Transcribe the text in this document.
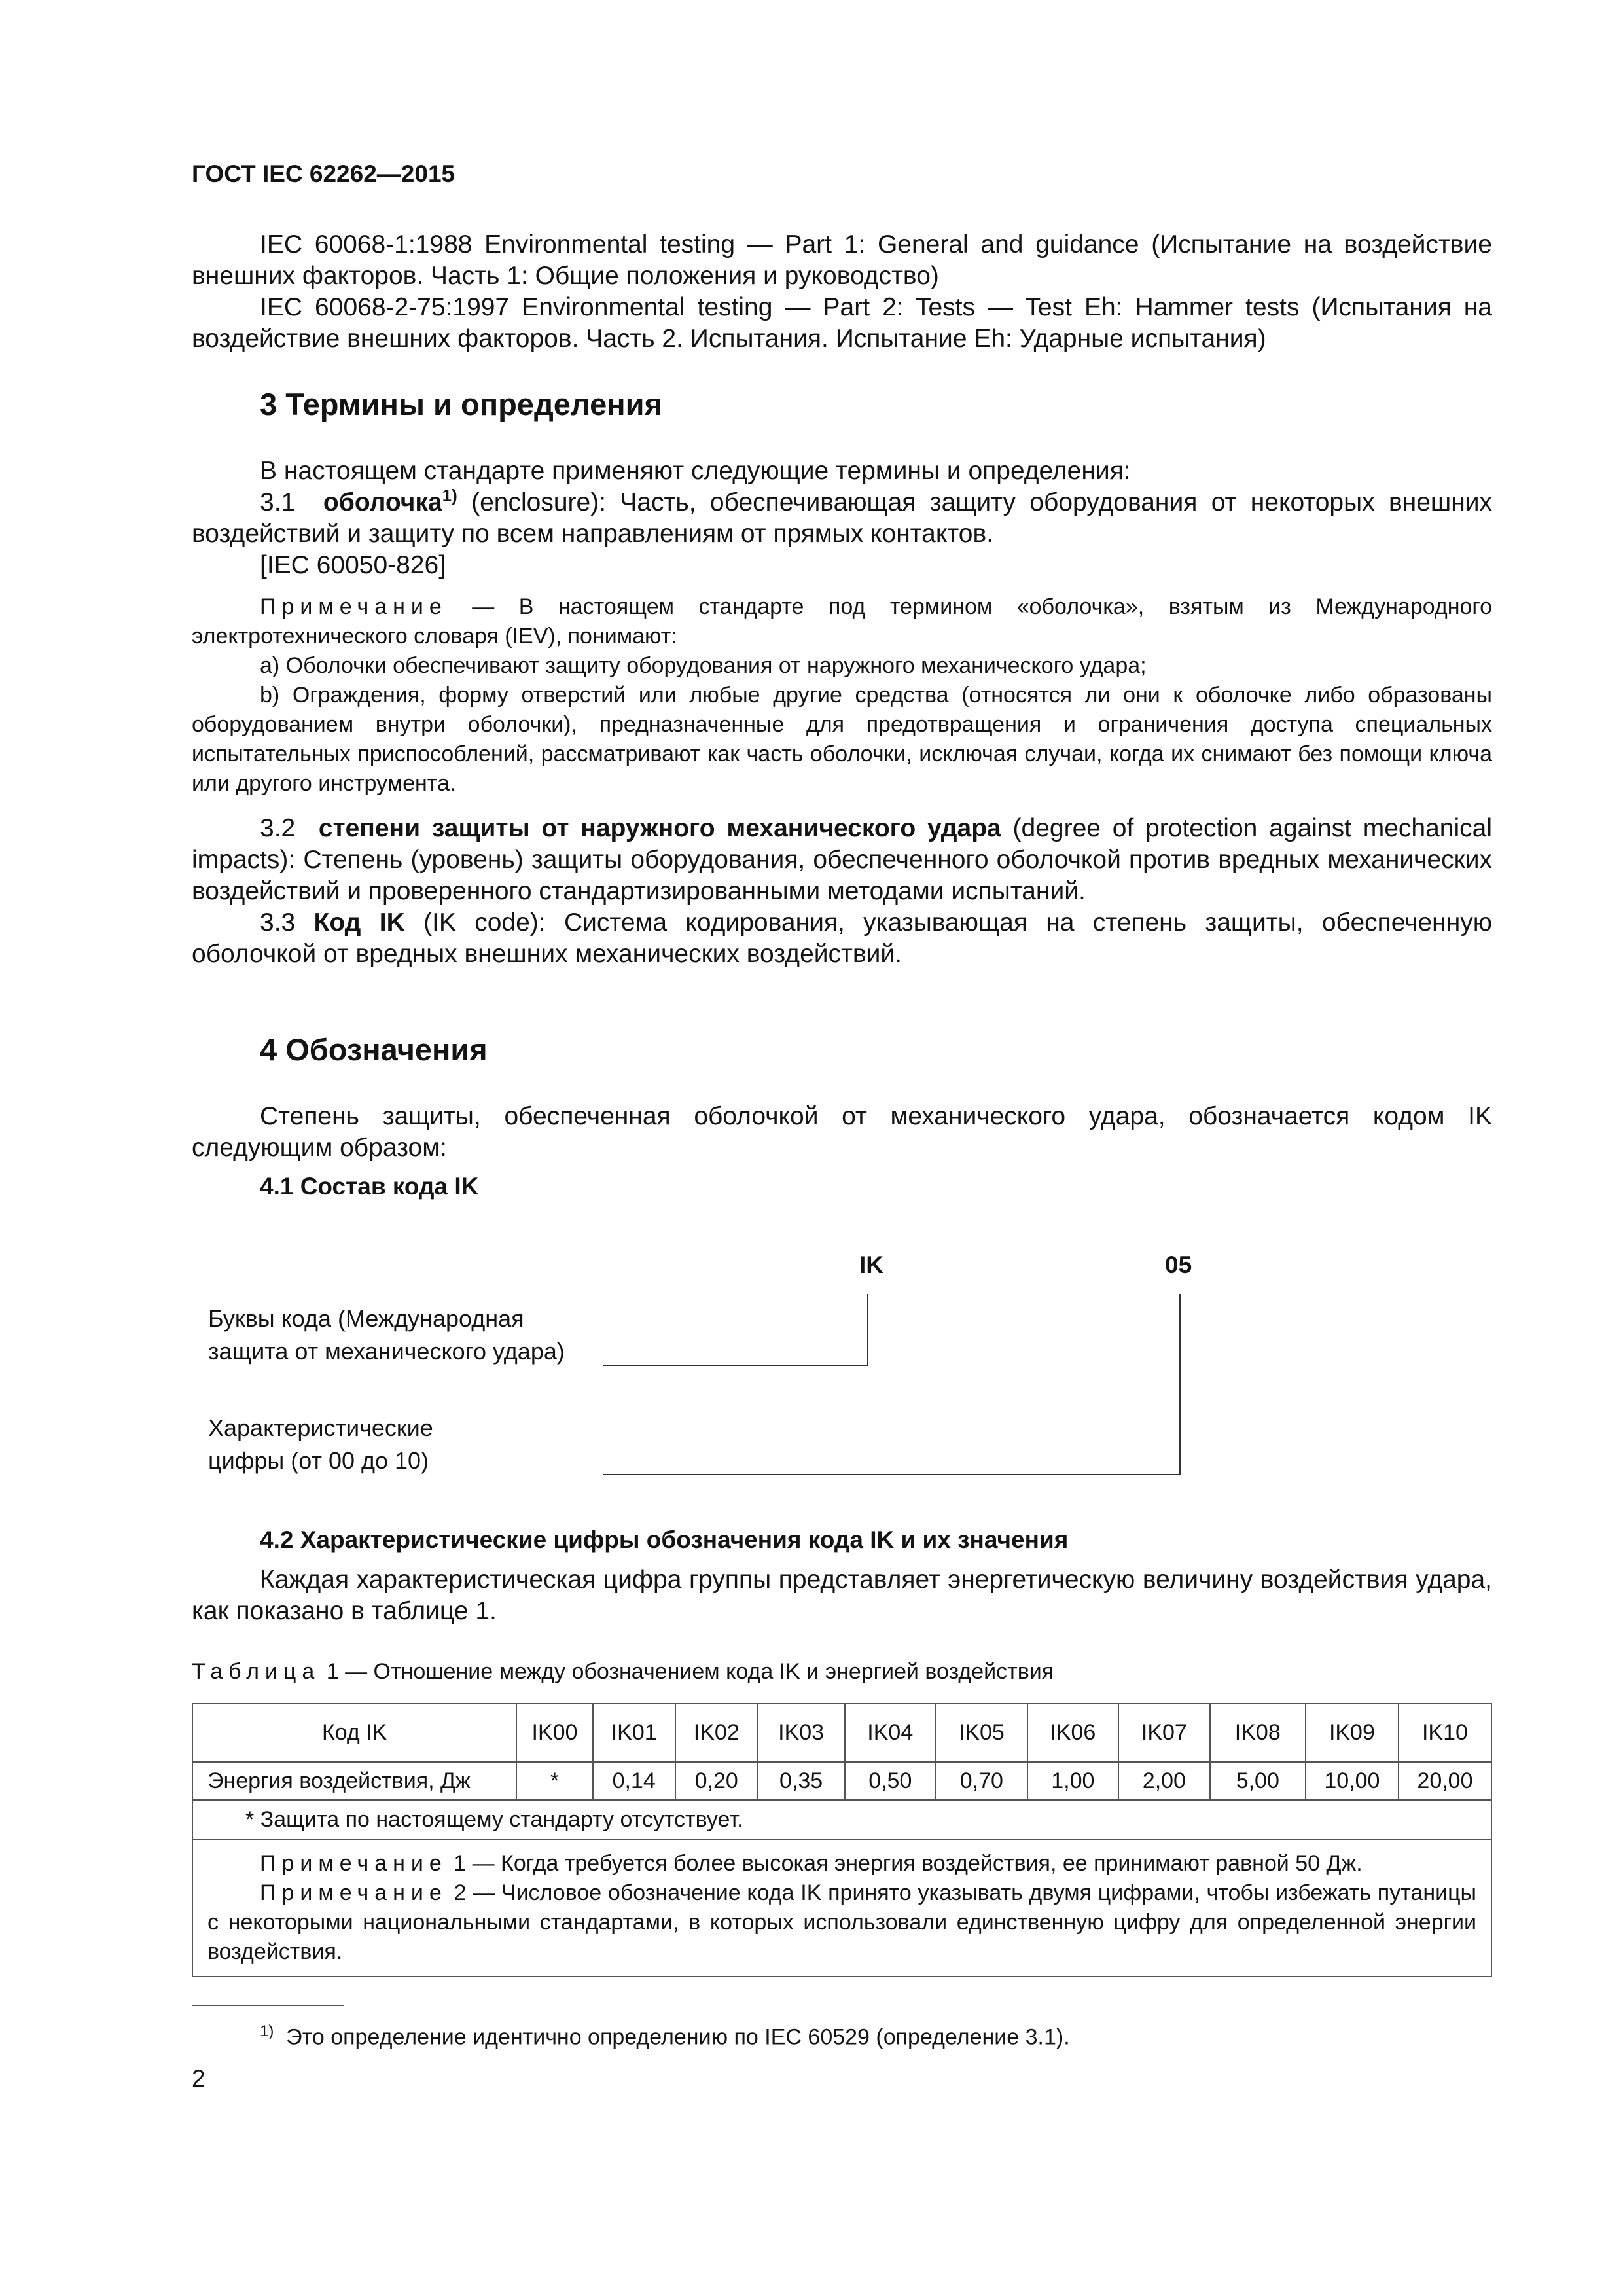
ГОСТ IEC 62262—2015
IEC 60068-1:1988 Environmental testing — Part 1: General and guidance (Испытание на воздействие внешних факторов. Часть 1: Общие положения и руководство)
IEC 60068-2-75:1997 Environmental testing — Part 2: Tests — Test Eh: Hammer tests (Испытания на воздействие внешних факторов. Часть 2. Испытания. Испытание Eh: Ударные испытания)
3 Термины и определения
В настоящем стандарте применяют следующие термины и определения:
3.1 оболочка$^{1)}$ (enclosure): Часть, обеспечивающая защиту оборудования от некоторых внешних воздействий и защиту по всем направлениям от прямых контактов.
[IEC 60050-826]
Примечание — В настоящем стандарте под термином «оболочка», взятым из Международного электротехнического словаря (IEV), понимают:
a) Оболочки обеспечивают защиту оборудования от наружного механического удара;
b) Ограждения, форму отверстий или любые другие средства (относятся ли они к оболочке либо образованы оборудованием внутри оболочки), предназначенные для предотвращения и ограничения доступа специальных испытательных приспособлений, рассматривают как часть оболочки, исключая случаи, когда их снимают без помощи ключа или другого инструмента.
3.2 степени защиты от наружного механического удара (degree of protection against mechanical impacts): Степень (уровень) защиты оборудования, обеспеченного оболочкой против вредных механических воздействий и проверенного стандартизированными методами испытаний.
3.3 Код IK (IK code): Система кодирования, указывающая на степень защиты, обеспеченную оболочкой от вредных внешних механических воздействий.
4 Обозначения
Степень защиты, обеспеченная оболочкой от механического удара, обозначается кодом IK следующим образом:
4.1 Состав кода IK
IK	05
Буквы кода (Международная
защита от механического удара)
Характеристические
цифры (от 00 до 10)
4.2 Характеристические цифры обозначения кода IK и их значения
Каждая характеристическая цифра группы представляет энергетическую величину воздействия удара, как показано в таблице 1.
Таблица 1 — Отношение между обозначением кода IK и энергией воздействия
Код IK	IK00	IK01	IK02	IK03	IK04	IK05	IK06	IK07	IK08	IK09	IK10
Энергия воздействия, Дж	*	0,14	0,20	0,35	0,50	0,70	1,00	2,00	5,00	10,00	20,00
* Защита по настоящему стандарту отсутствует.											

Примечание 1 — Когда требуется более высокая энергия воздействия, ее принимают равной 50 Дж.
Примечание 2 — Числовое обозначение кода IK принято указывать двумя цифрами, чтобы избежать путаницы с некоторыми национальными стандартами, в которых использовали единственную цифру для определенной энергии воздействия.											
$^{1)}$ Это определение идентично определению по IEC 60529 (определение 3.1).
2
